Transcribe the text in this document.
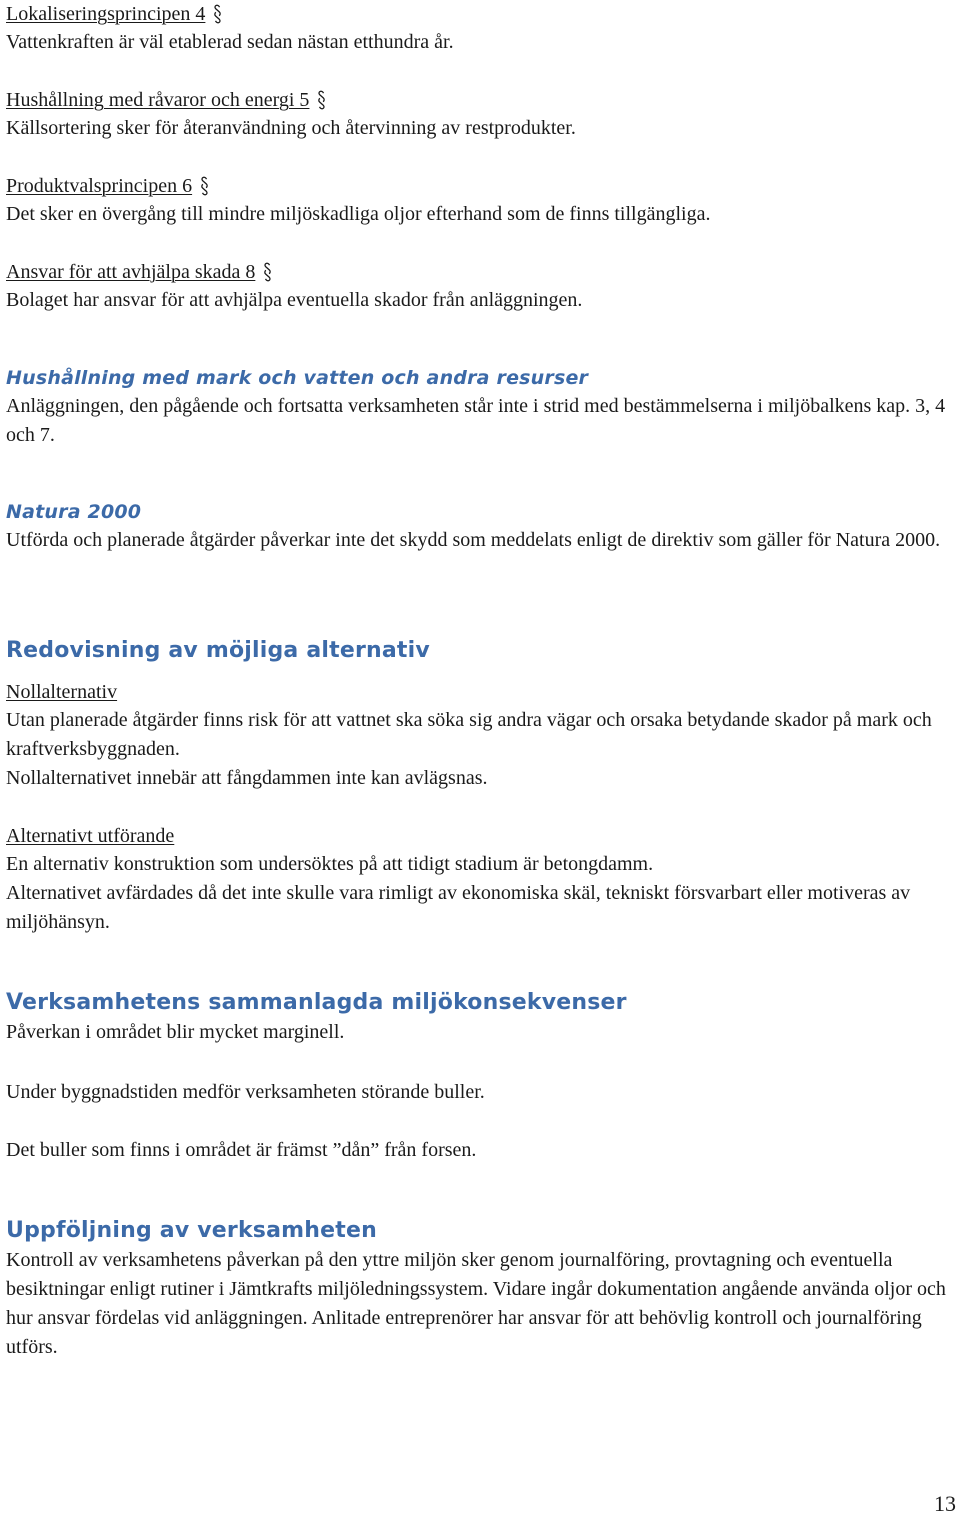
Lokaliseringsprincipen 4

Vattenkraften är väl etablerad sedan nästan etthundra år.

Hushållning med råvaror och energi 5

Källsortering sker för återanvändning och återvinning av restprodukter.

Produktvalsprincipen 6

Det sker en övergång till mindre miljöskadliga oljor efterhand som de finns tillgängliga.

Ansvar för att avhjälpa skada 8

Bolaget har ansvar för att avhjälpa eventuella skador från anläggningen.

Hushållning med mark och vatten och andra resurser

Anläggningen, den pågående och fortsatta verksamheten står inte i strid med bestämmelserna i miljöbalkens kap. 3, 4 och 7.

Natura 2000

Utförda och planerade åtgärder påverkar inte det skydd som meddelats enligt de direktiv som gäller för Natura 2000.

Redovisning av möjliga alternativ
Nollalternativ

Utan planerade åtgärder finns risk för att vattnet ska söka sig andra vägar och orsaka betydande skador på mark och kraftverksbyggnaden.

Nollalternativet innebär att fångdammen inte kan avlägsnas.

Alternativt utförande

En alternativ konstruktion som undersöktes på att tidigt stadium är betongdamm.

Alternativet avfärdades då det inte skulle vara rimligt av ekonomiska skäl, tekniskt försvarbart eller motiveras av miljöhänsyn.

Verksamhetens sammanlagda miljökonsekvenser

Påverkan i området blir mycket marginell.

Under byggnadstiden medför verksamheten störande buller.

Det buller som finns i området är främst ”dån” från forsen.

Uppföljning av verksamheten

Kontroll av verksamhetens påverkan på den yttre miljön sker genom journalföring, provtagning och eventuella besiktningar enligt rutiner i Jämtkrafts miljöledningssystem. Vidare ingår dokumentation angående använda oljor och hur ansvar fördelas vid anläggningen. Anlitade entreprenörer har ansvar för att behövlig kontroll och journalföring utförs.

13
